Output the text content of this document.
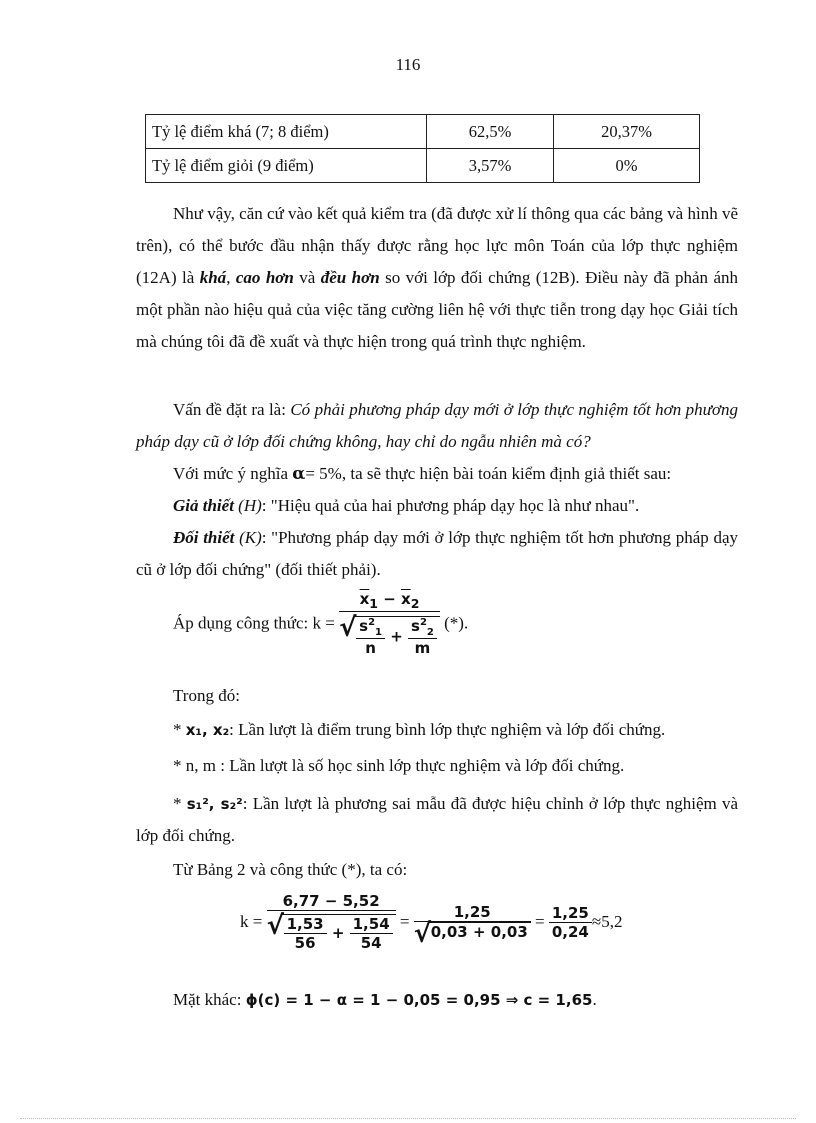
116
Tỷ lệ điểm khá (7; 8 điểm)	62,5%	20,37%
Tỷ lệ điểm giỏi (9 điểm)	3,57%	0%

Như vậy, căn cứ vào kết quả kiểm tra (đã được xử lí thông qua các bảng và hình vẽ trên), có thể bước đầu nhận thấy được rằng học lực môn Toán của lớp thực nghiệm (12A) là khá, cao hơn và đều hơn so với lớp đối chứng (12B). Điều này đã phản ánh một phần nào hiệu quả của việc tăng cường liên hệ với thực tiễn trong dạy học Giải tích mà chúng tôi đã đề xuất và thực hiện trong quá trình thực nghiệm.

Vấn đề đặt ra là: Có phải phương pháp dạy mới ở lớp thực nghiệm tốt hơn phương pháp dạy cũ ở lớp đối chứng không, hay chỉ do ngẫu nhiên mà có?

Với mức ý nghĩa α= 5%, ta sẽ thực hiện bài toán kiểm định giả thiết sau:

Giả thiết (H): "Hiệu quả của hai phương pháp dạy học là như nhau".

Đối thiết (K): "Phương pháp dạy mới ở lớp thực nghiệm tốt hơn phương pháp dạy cũ ở lớp đối chứng" (đối thiết phải).

Áp dụng công thức: $k = \overline{x}_1 - \overline{x}_2$
√ $\frac{s^2_1}{n} + \frac{s^2_2}{m}$ (*).

Trong đó:

* x₁, x₂: Lần lượt là điểm trung bình lớp thực nghiệm và lớp đối chứng.

* n, m : Lần lượt là số học sinh lớp thực nghiệm và lớp đối chứng.

* s₁², s₂²: Lần lượt là phương sai mẫu đã được hiệu chỉnh ở lớp thực nghiệm và lớp đối chứng.

Từ Bảng 2 và công thức (*), ta có:

k = 6,77 − 5,52
√ $\frac{1,53}{56} + \frac{1,54}{54} = 1,25$
√ $0,03 + 0,03 = \frac{1,25}{0,24} \approx 5,2$

Mặt khác: ϕ(c) = 1 − α = 1 − 0,05 = 0,95 ⇒ c = 1,65.
